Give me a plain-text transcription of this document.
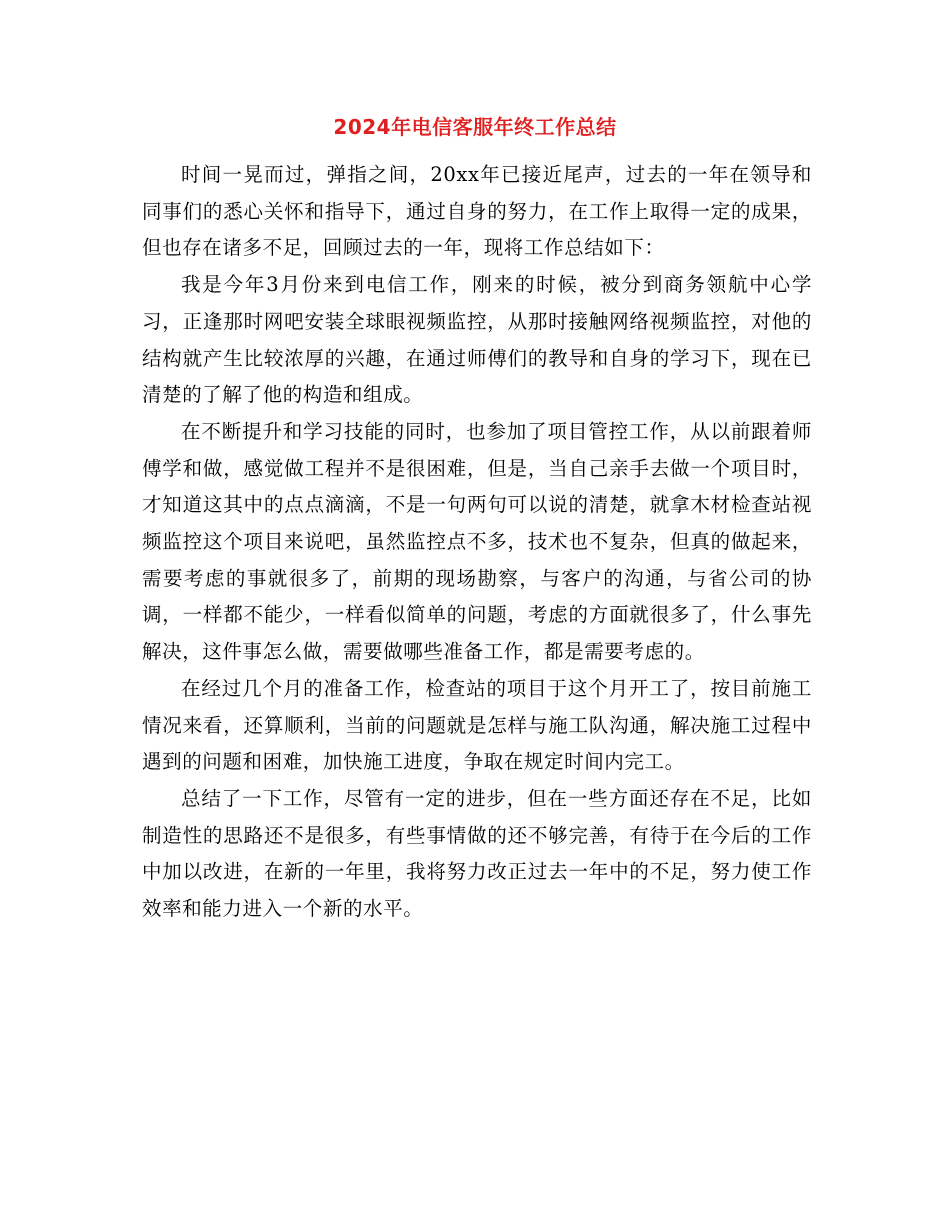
2024年电信客服年终工作总结

时间一晃而过，弹指之间，20xx年已接近尾声，过去的一年在领导和同事们的悉心关怀和指导下，通过自身的努力，在工作上取得一定的成果，但也存在诸多不足，回顾过去的一年，现将工作总结如下：

我是今年3月份来到电信工作，刚来的时候，被分到商务领航中心学习，正逢那时网吧安装全球眼视频监控，从那时接触网络视频监控，对他的结构就产生比较浓厚的兴趣，在通过师傅们的教导和自身的学习下，现在已清楚的了解了他的构造和组成。

在不断提升和学习技能的同时，也参加了项目管控工作，从以前跟着师傅学和做，感觉做工程并不是很困难，但是，当自己亲手去做一个项目时，才知道这其中的点点滴滴，不是一句两句可以说的清楚，就拿木材检查站视频监控这个项目来说吧，虽然监控点不多，技术也不复杂，但真的做起来，需要考虑的事就很多了，前期的现场勘察，与客户的沟通，与省公司的协调，一样都不能少，一样看似简单的问题，考虑的方面就很多了，什么事先解决，这件事怎么做，需要做哪些准备工作，都是需要考虑的。

在经过几个月的准备工作，检查站的项目于这个月开工了，按目前施工情况来看，还算顺利，当前的问题就是怎样与施工队沟通，解决施工过程中遇到的问题和困难，加快施工进度，争取在规定时间内完工。

总结了一下工作，尽管有一定的进步，但在一些方面还存在不足，比如制造性的思路还不是很多，有些事情做的还不够完善，有待于在今后的工作中加以改进，在新的一年里，我将努力改正过去一年中的不足，努力使工作效率和能力进入一个新的水平。
